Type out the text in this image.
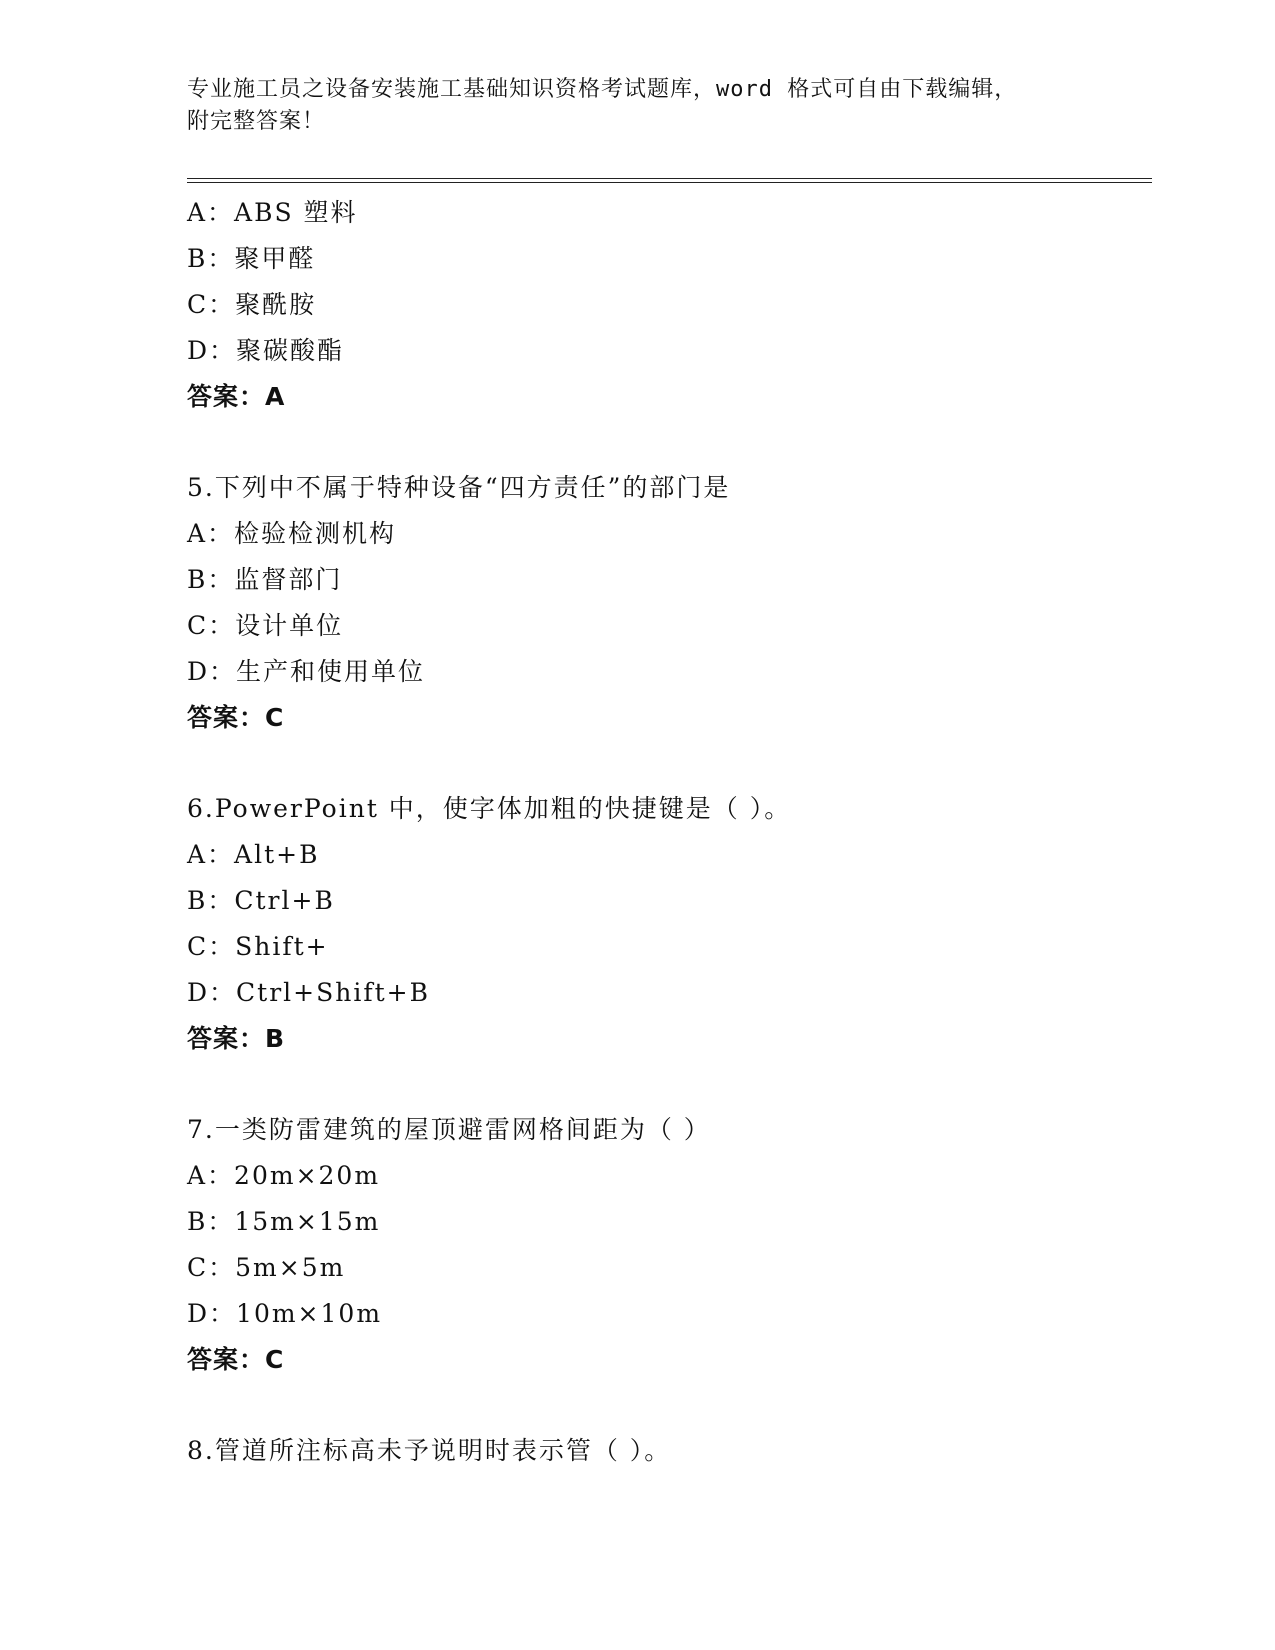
专业施工员之设备安装施工基础知识资格考试题库，word 格式可自由下载编辑，
附完整答案！
A：ABS 塑料
B：聚甲醛
C：聚酰胺
D：聚碳酸酯
答案：A
5.下列中不属于特种设备“四方责任”的部门是
A：检验检测机构
B：监督部门
C：设计单位
D：生产和使用单位
答案：C
6.PowerPoint 中，使字体加粗的快捷键是（ ）。
A：Alt+B
B：Ctrl+B
C：Shift+
D：Ctrl+Shift+B
答案：B
7.一类防雷建筑的屋顶避雷网格间距为（ ）
A：20m×20m
B：15m×15m
C：5m×5m
D：10m×10m
答案：C
8.管道所注标高未予说明时表示管（ ）。
